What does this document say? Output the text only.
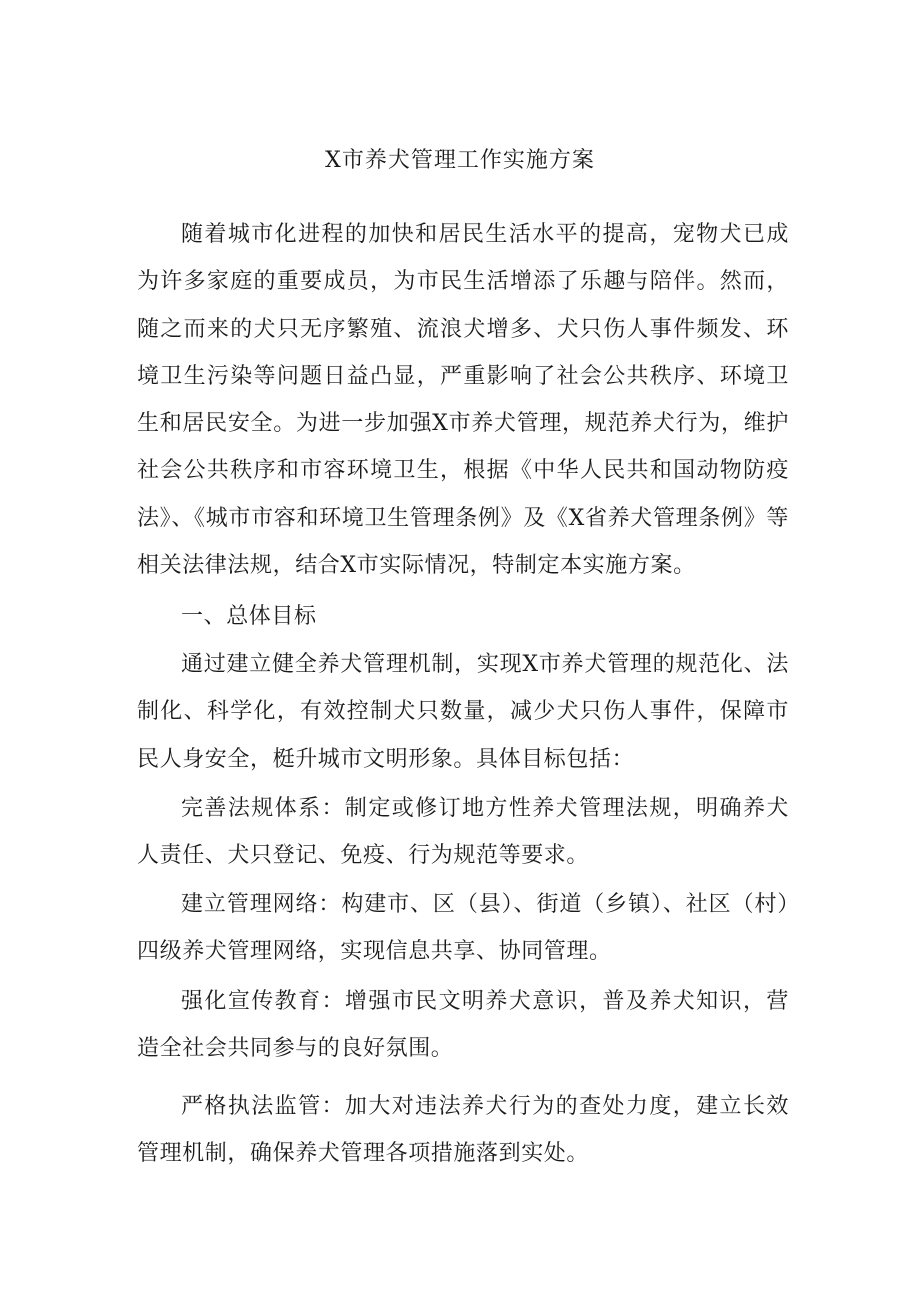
X市养犬管理工作实施方案

随着城市化进程的加快和居民生活水平的提高，宠物犬已成为许多家庭的重要成员，为市民生活增添了乐趣与陪伴。然而，随之而来的犬只无序繁殖、流浪犬增多、犬只伤人事件频发、环境卫生污染等问题日益凸显，严重影响了社会公共秩序、环境卫生和居民安全。为进一步加强X市养犬管理，规范养犬行为，维护社会公共秩序和市容环境卫生，根据《中华人民共和国动物防疫法》、《城市市容和环境卫生管理条例》及《X省养犬管理条例》等相关法律法规，结合X市实际情况，特制定本实施方案。

一、总体目标

通过建立健全养犬管理机制，实现X市养犬管理的规范化、法制化、科学化，有效控制犬只数量，减少犬只伤人事件，保障市民人身安全，梃升城市文明形象。具体目标包括：

完善法规体系：制定或修订地方性养犬管理法规，明确养犬人责任、犬只登记、免疫、行为规范等要求。

建立管理网络：构建市、区（县）、街道（乡镇）、社区（村）四级养犬管理网络，实现信息共享、协同管理。

强化宣传教育：增强市民文明养犬意识，普及养犬知识，营造全社会共同参与的良好氛围。

严格执法监管：加大对违法养犬行为的查处力度，建立长效管理机制，确保养犬管理各项措施落到实处。
